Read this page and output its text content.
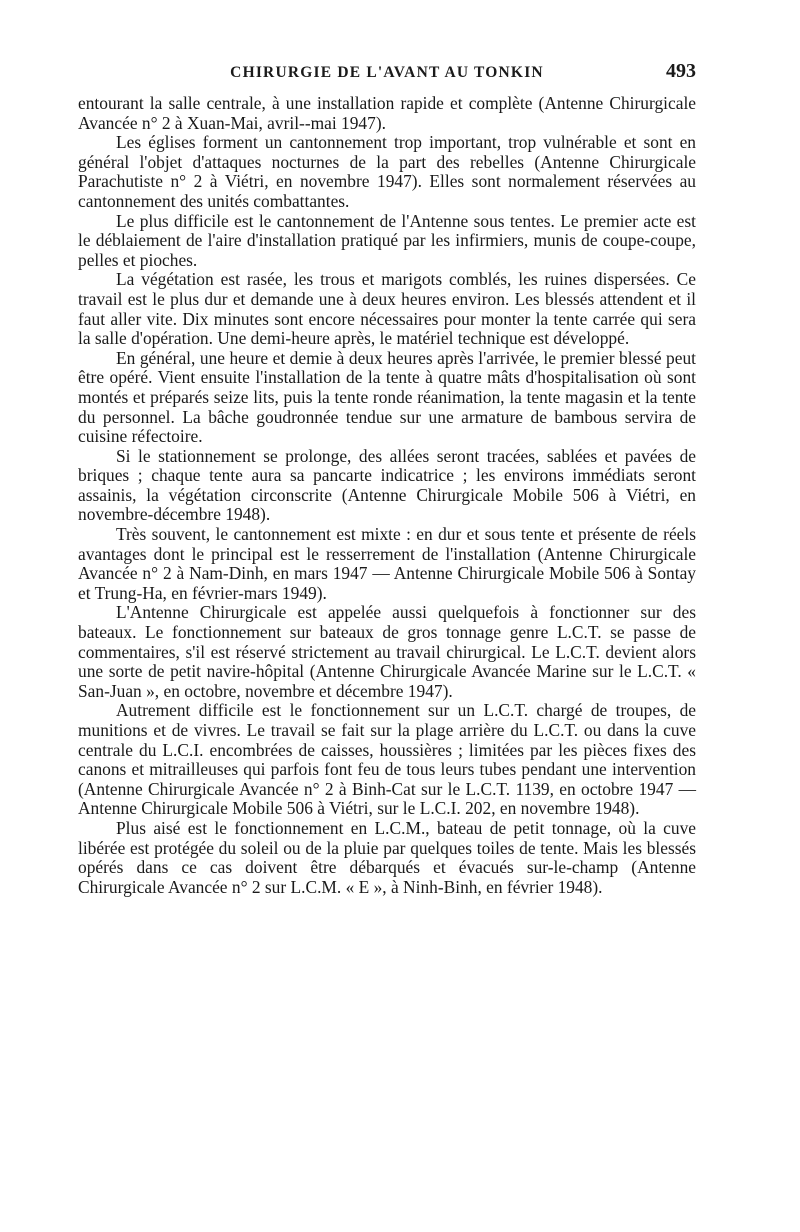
CHIRURGIE DE L'AVANT AU TONKIN	493

entourant la salle centrale, à une installation rapide et complète (Antenne Chirurgicale Avancée n° 2 à Xuan-Mai, avril--mai 1947).

Les églises forment un cantonnement trop important, trop vulnérable et sont en général l'objet d'attaques nocturnes de la part des rebelles (Antenne Chirurgicale Parachutiste n° 2 à Viétri, en novembre 1947). Elles sont normalement réservées au cantonnement des unités combattantes.

Le plus difficile est le cantonnement de l'Antenne sous tentes. Le premier acte est le déblaiement de l'aire d'installation pratiqué par les infirmiers, munis de coupe-coupe, pelles et pioches.

La végétation est rasée, les trous et marigots comblés, les ruines dispersées. Ce travail est le plus dur et demande une à deux heures environ. Les blessés attendent et il faut aller vite. Dix minutes sont encore nécessaires pour monter la tente carrée qui sera la salle d'opération. Une demi-heure après, le matériel technique est développé.

En général, une heure et demie à deux heures après l'arrivée, le premier blessé peut être opéré. Vient ensuite l'installation de la tente à quatre mâts d'hospitalisation où sont montés et préparés seize lits, puis la tente ronde réanimation, la tente magasin et la tente du personnel. La bâche goudronnée tendue sur une armature de bambous servira de cuisine réfectoire.

Si le stationnement se prolonge, des allées seront tracées, sablées et pavées de briques ; chaque tente aura sa pancarte indicatrice ; les environs immédiats seront assainis, la végétation circonscrite (Antenne Chirurgicale Mobile 506 à Viétri, en novembre-décembre 1948).

Très souvent, le cantonnement est mixte : en dur et sous tente et présente de réels avantages dont le principal est le resserrement de l'installation (Antenne Chirurgicale Avancée n° 2 à Nam-Dinh, en mars 1947 — Antenne Chirurgicale Mobile 506 à Sontay et Trung-Ha, en février-mars 1949).

L'Antenne Chirurgicale est appelée aussi quelquefois à fonctionner sur des bateaux. Le fonctionnement sur bateaux de gros tonnage genre L.C.T. se passe de commentaires, s'il est réservé strictement au travail chirurgical. Le L.C.T. devient alors une sorte de petit navire-hôpital (Antenne Chirurgicale Avancée Marine sur le L.C.T. « San-Juan », en octobre, novembre et décembre 1947).

Autrement difficile est le fonctionnement sur un L.C.T. chargé de troupes, de munitions et de vivres. Le travail se fait sur la plage arrière du L.C.T. ou dans la cuve centrale du L.C.I. encombrées de caisses, houssières ; limitées par les pièces fixes des canons et mitrailleuses qui parfois font feu de tous leurs tubes pendant une intervention (Antenne Chirurgicale Avancée n° 2 à Binh-Cat sur le L.C.T. 1139, en octobre 1947 — Antenne Chirurgicale Mobile 506 à Viétri, sur le L.C.I. 202, en novembre 1948).

Plus aisé est le fonctionnement en L.C.M., bateau de petit tonnage, où la cuve libérée est protégée du soleil ou de la pluie par quelques toiles de tente. Mais les blessés opérés dans ce cas doivent être débarqués et évacués sur-le-champ (Antenne Chirurgicale Avancée n° 2 sur L.C.M. « E », à Ninh-Binh, en février 1948).
